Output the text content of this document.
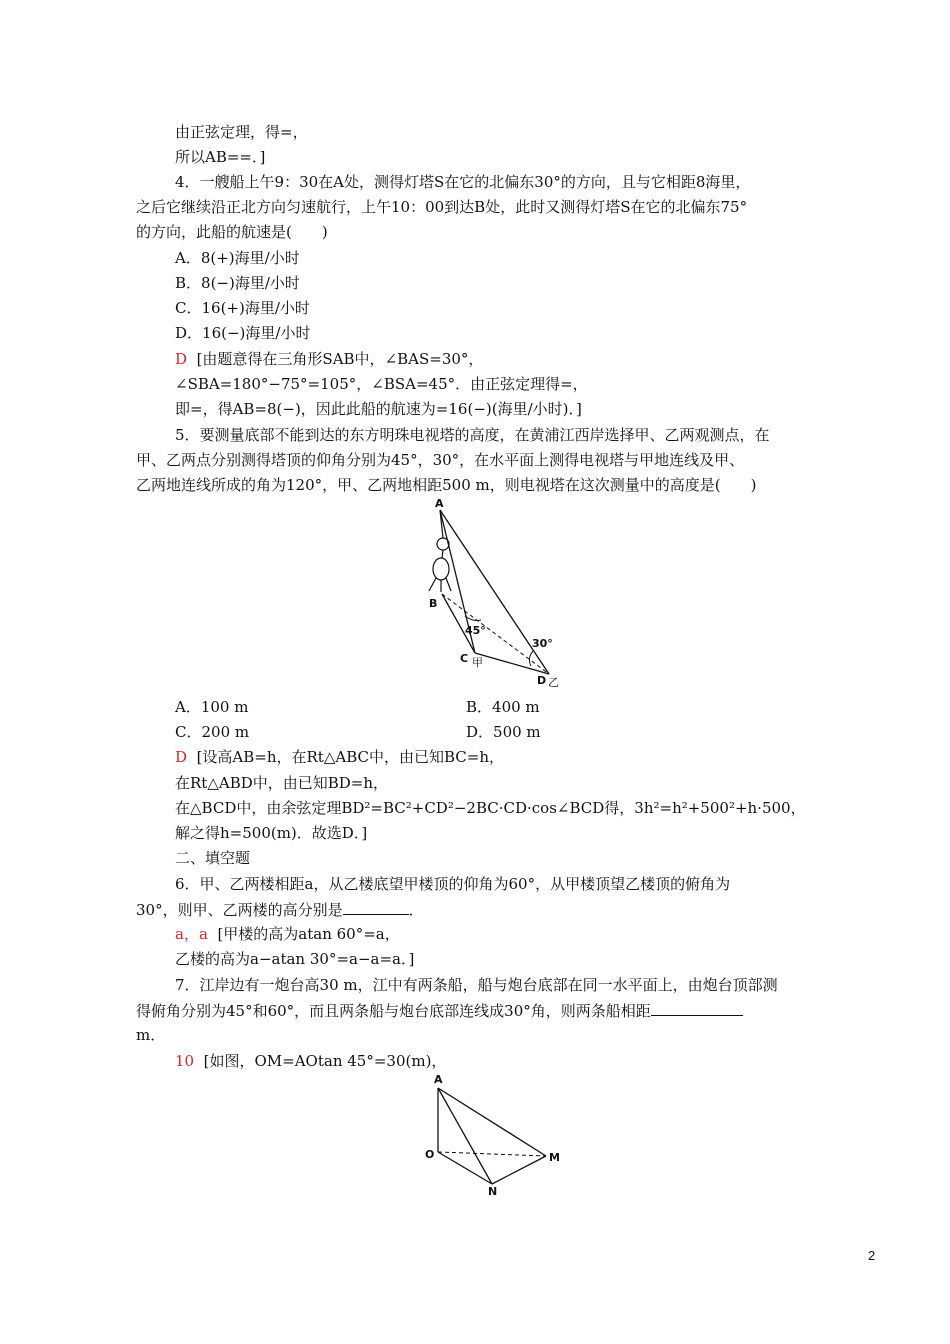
由正弦定理，得=，
所以AB==．]
4．一艘船上午9：30在A处，测得灯塔S在它的北偏东30°的方向，且与它相距8海里，
之后它继续沿正北方向匀速航行，上午10：00到达B处，此时又测得灯塔S在它的北偏东75°
的方向，此船的航速是(　　)
A．8(+)海里/小时
B．8(−)海里/小时
C．16(+)海里/小时
D．16(−)海里/小时
D [由题意得在三角形SAB中，∠BAS=30°，
∠SBA=180°−75°=105°，∠BSA=45°．由正弦定理得=，
即=，得AB=8(−)，因此此船的航速为=16(−)(海里/小时)．]
5．要测量底部不能到达的东方明珠电视塔的高度，在黄浦江西岸选择甲、乙两观测点，在
甲、乙两点分别测得塔顶的仰角分别为45°，30°，在水平面上测得电视塔与甲地连线及甲、
乙两地连线所成的角为120°，甲、乙两地相距500 m，则电视塔在这次测量中的高度是(　　)
A
B
C 甲
D 乙
45°
30°
A．100 m	B．400 m
C．200 m	D．500 m
D [设高AB=h，在Rt△ABC中，由已知BC=h，
在Rt△ABD中，由已知BD=h，
在△BCD中，由余弦定理BD²=BC²+CD²−2BC·CD·cos∠BCD得，3h²=h²+500²+h·500，
解之得h=500(m)．故选D．]
二、填空题
6．甲、乙两楼相距a，从乙楼底望甲楼顶的仰角为60°，从甲楼顶望乙楼顶的俯角为
30°，则甲、乙两楼的高分别是	．
a，a [甲楼的高为atan 60°=a，
乙楼的高为a−atan 30°=a−a=a．]
7．江岸边有一炮台高30 m，江中有两条船，船与炮台底部在同一水平面上，由炮台顶部测
得俯角分别为45°和60°，而且两条船与炮台底部连线成30°角，则两条船相距
m．
10 [如图，OM=AOtan 45°=30(m)，
A
O	M
N
2
